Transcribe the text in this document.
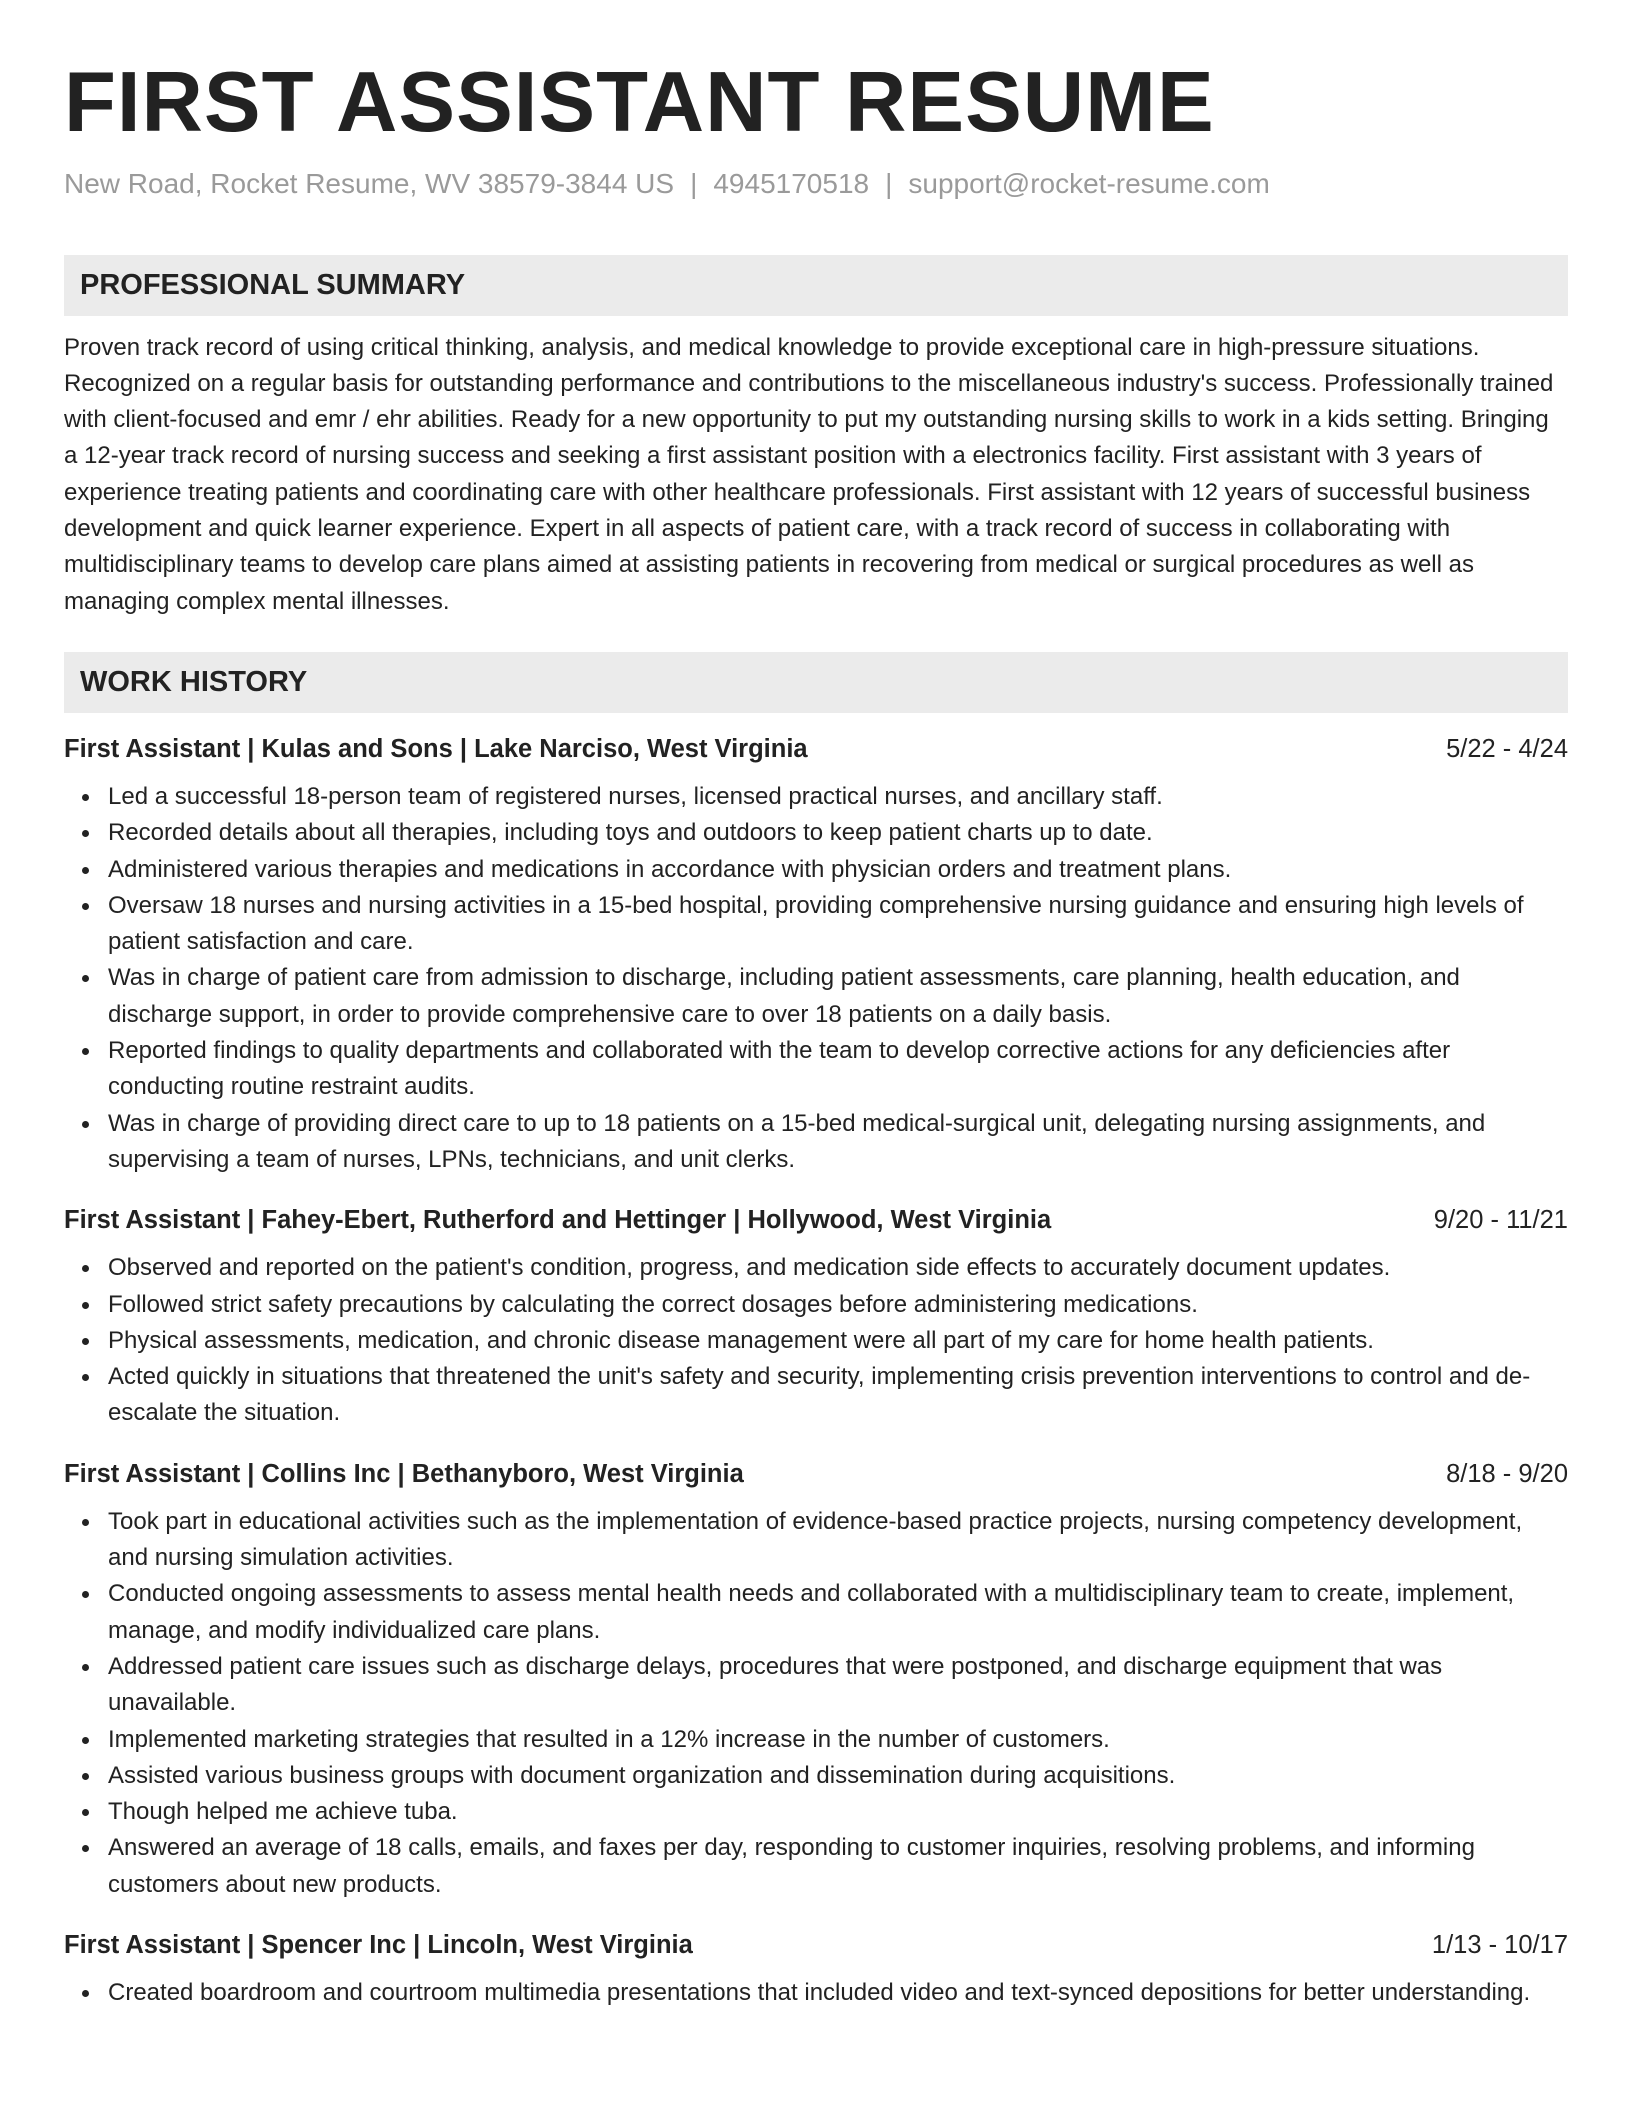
FIRST ASSISTANT RESUME
New Road, Rocket Resume, WV 38579-3844 US | 4945170518 | support@rocket-resume.com
PROFESSIONAL SUMMARY

Proven track record of using critical thinking, analysis, and medical knowledge to provide exceptional care in high-pressure situations. Recognized on a regular basis for outstanding performance and contributions to the miscellaneous industry's success. Professionally trained with client-focused and emr / ehr abilities. Ready for a new opportunity to put my outstanding nursing skills to work in a kids setting. Bringing a 12-year track record of nursing success and seeking a first assistant position with a electronics facility. First assistant with 3 years of experience treating patients and coordinating care with other healthcare professionals. First assistant with 12 years of successful business development and quick learner experience. Expert in all aspects of patient care, with a track record of success in collaborating with multidisciplinary teams to develop care plans aimed at assisting patients in recovering from medical or surgical procedures as well as managing complex mental illnesses.

WORK HISTORY
First Assistant | Kulas and Sons | Lake Narciso, West Virginia	5/22 - 4/24
Led a successful 18-person team of registered nurses, licensed practical nurses, and ancillary staff.
Recorded details about all therapies, including toys and outdoors to keep patient charts up to date.
Administered various therapies and medications in accordance with physician orders and treatment plans.
Oversaw 18 nurses and nursing activities in a 15-bed hospital, providing comprehensive nursing guidance and ensuring high levels of patient satisfaction and care.
Was in charge of patient care from admission to discharge, including patient assessments, care planning, health education, and discharge support, in order to provide comprehensive care to over 18 patients on a daily basis.
Reported findings to quality departments and collaborated with the team to develop corrective actions for any deficiencies after conducting routine restraint audits.
Was in charge of providing direct care to up to 18 patients on a 15-bed medical-surgical unit, delegating nursing assignments, and supervising a team of nurses, LPNs, technicians, and unit clerks.
First Assistant | Fahey-Ebert, Rutherford and Hettinger | Hollywood, West Virginia	9/20 - 11/21
Observed and reported on the patient's condition, progress, and medication side effects to accurately document updates.
Followed strict safety precautions by calculating the correct dosages before administering medications.
Physical assessments, medication, and chronic disease management were all part of my care for home health patients.
Acted quickly in situations that threatened the unit's safety and security, implementing crisis prevention interventions to control and de-escalate the situation.
First Assistant | Collins Inc | Bethanyboro, West Virginia	8/18 - 9/20
Took part in educational activities such as the implementation of evidence-based practice projects, nursing competency development, and nursing simulation activities.
Conducted ongoing assessments to assess mental health needs and collaborated with a multidisciplinary team to create, implement, manage, and modify individualized care plans.
Addressed patient care issues such as discharge delays, procedures that were postponed, and discharge equipment that was unavailable.
Implemented marketing strategies that resulted in a 12% increase in the number of customers.
Assisted various business groups with document organization and dissemination during acquisitions.
Though helped me achieve tuba.
Answered an average of 18 calls, emails, and faxes per day, responding to customer inquiries, resolving problems, and informing customers about new products.
First Assistant | Spencer Inc | Lincoln, West Virginia	1/13 - 10/17
Created boardroom and courtroom multimedia presentations that included video and text-synced depositions for better understanding.
